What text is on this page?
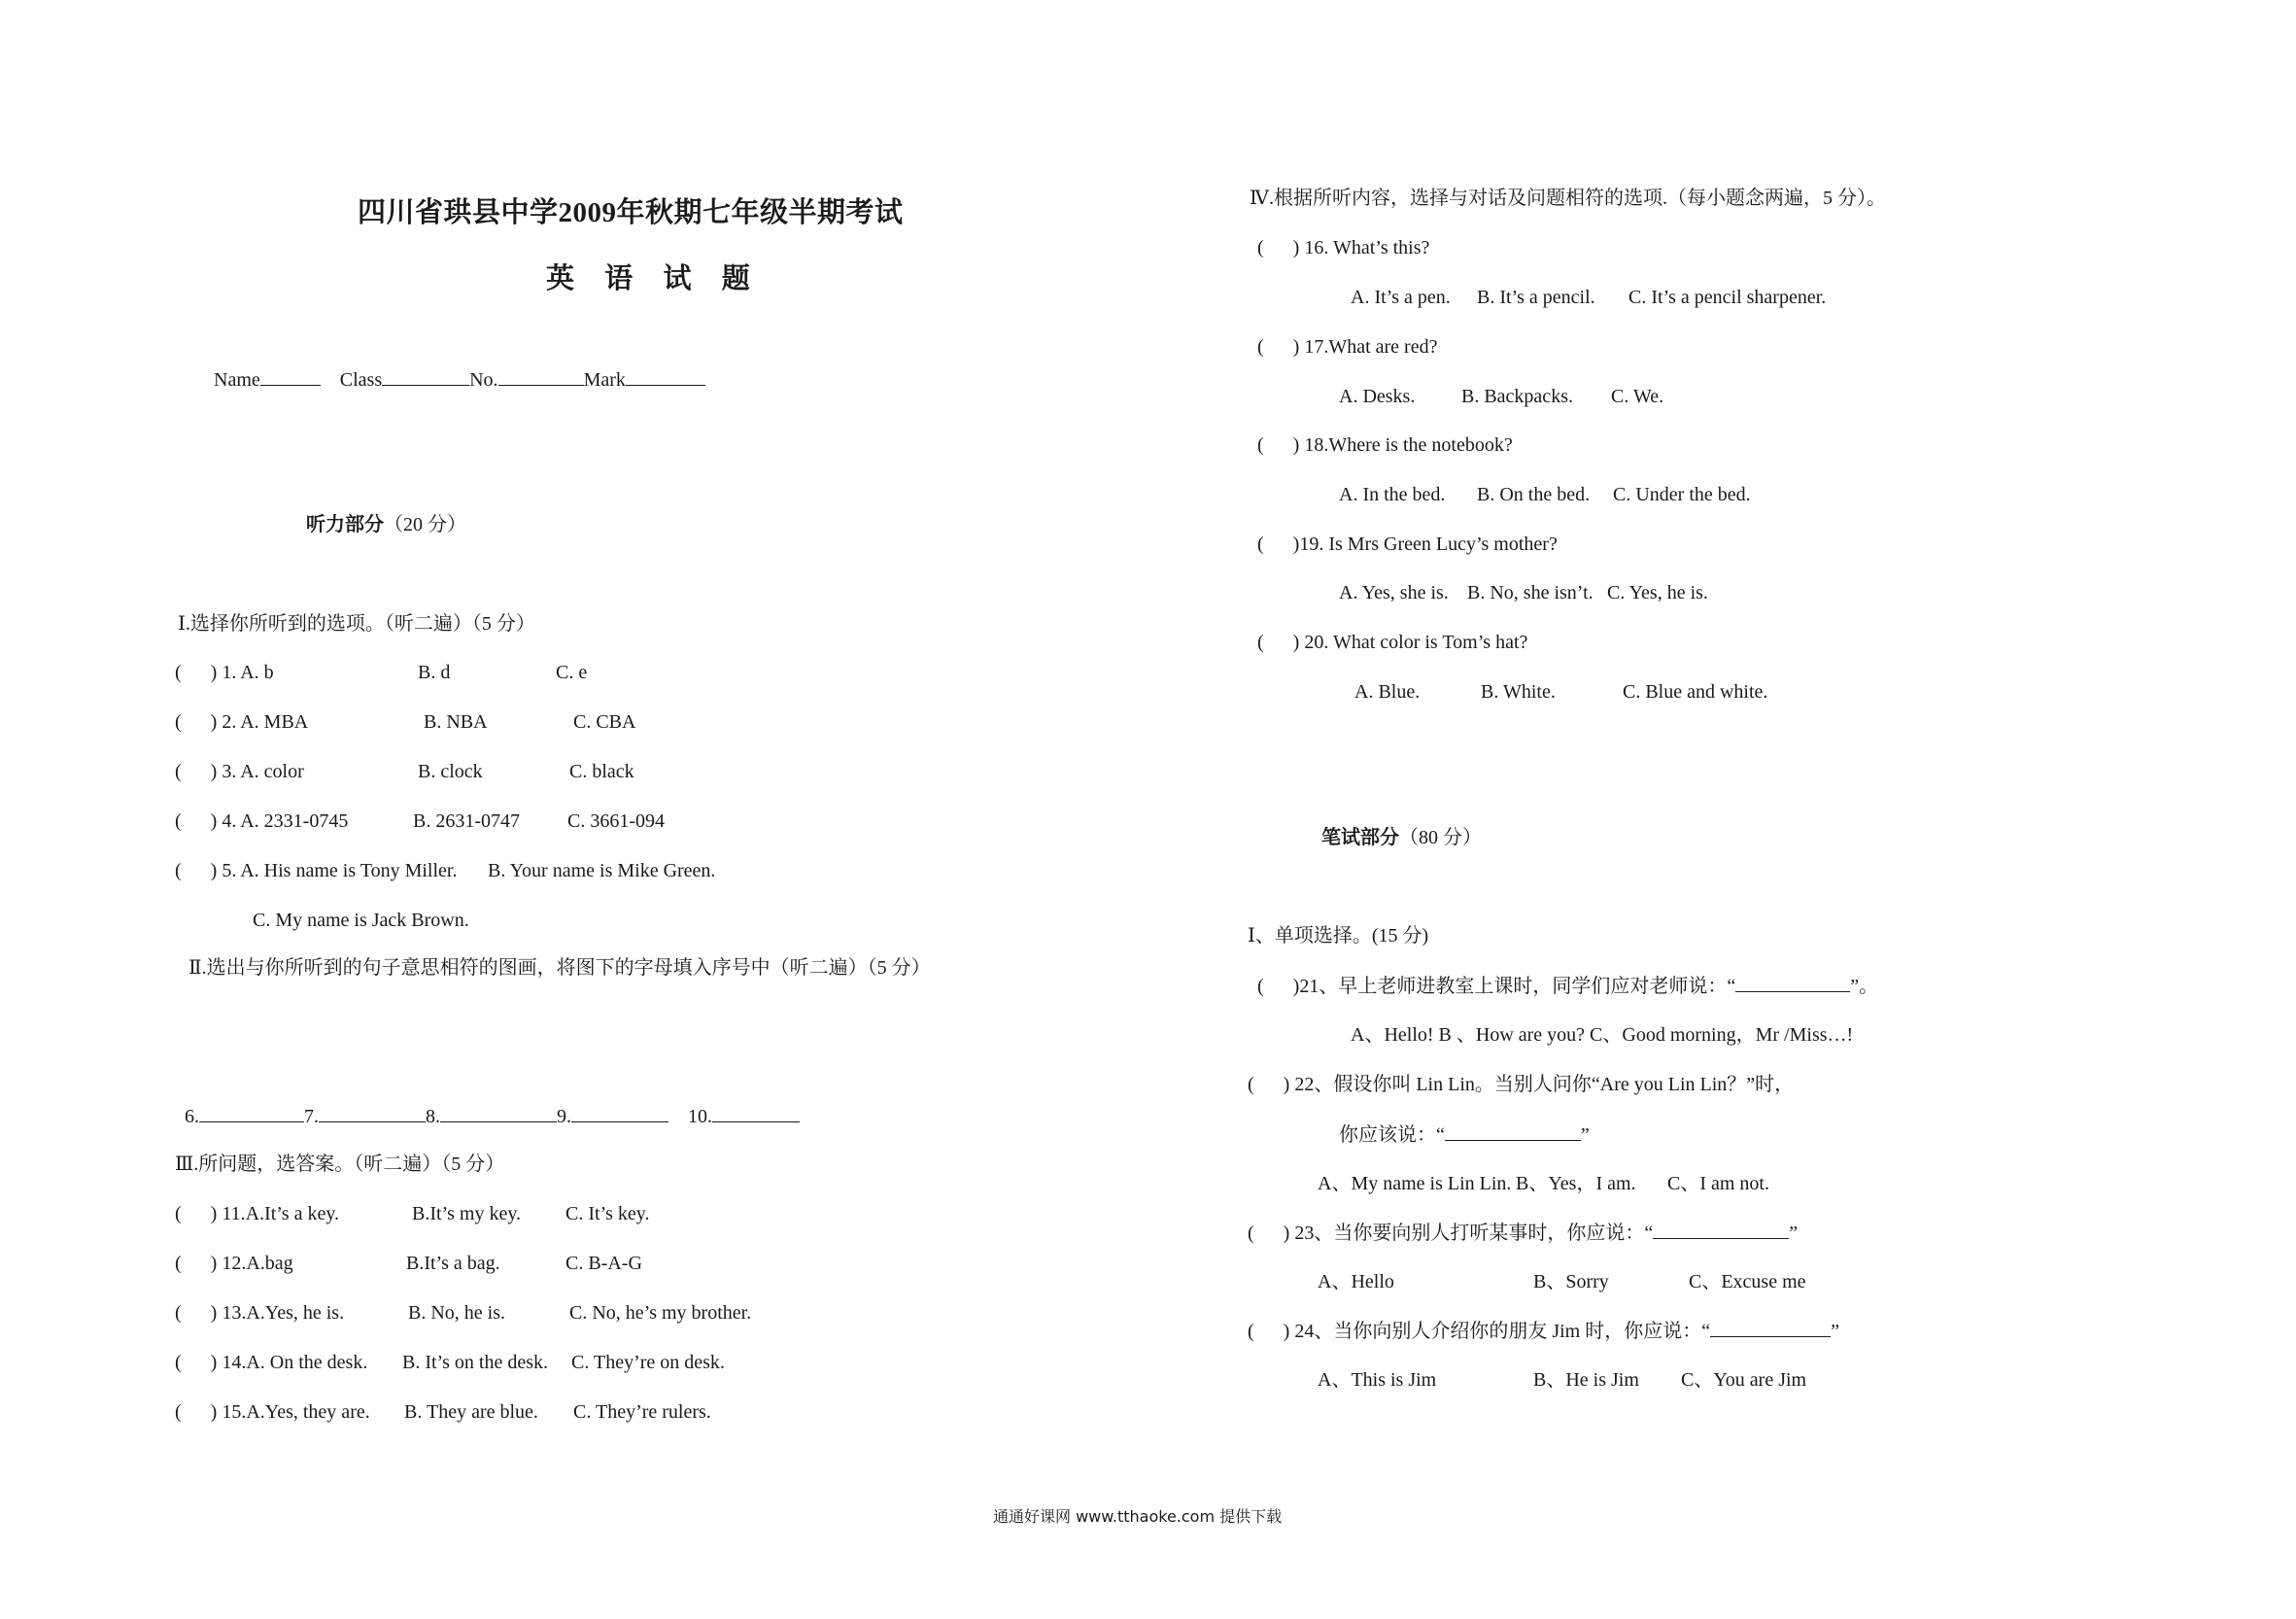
四川省珙县中学2009年秋期七年级半期考试
英 语 试 题
Name	Class	No.	Mark
听力部分（20 分）
Ⅰ.选择你所听到的选项。（听二遍）（5 分）
( ) 1. A. b	B. d	C. e
( ) 2. A. MBA	B. NBA	C. CBA
( ) 3. A. color	B. clock	C. black
( ) 4. A. 2331-0745	B. 2631-0747 C. 3661-094
( ) 5. A. His name is Tony Miller. B. Your name is Mike Green.
C. My name is Jack Brown.
Ⅱ.选出与你所听到的句子意思相符的图画，将图下的字母填入序号中（听二遍）（5 分）
6.	7.	8.	9.	10.
Ⅲ.所问题，选答案。（听二遍）（5 分）
( ) 11.A.It’s a key.	B.It’s my key. C. It’s key.
( ) 12.A.bag	B.It’s a bag.	C. B-A-G
( ) 13.A.Yes, he is.	B. No, he is.	C. No, he’s my brother.
( ) 14.A. On the desk. B. It’s on the desk. C. They’re on desk.
( ) 15.A.Yes, they are. B. They are blue. C. They’re rulers.
Ⅳ.根据所听内容，选择与对话及问题相符的选项.（每小题念两遍，5 分）。
( ) 16. What’s this?
A. It’s a pen. B. It’s a pencil. C. It’s a pencil sharpener.
( ) 17.What are red?
A. Desks. B. Backpacks. C. We.
( ) 18.Where is the notebook?
A. In the bed. B. On the bed. C. Under the bed.
( )19. Is Mrs Green Lucy’s mother?
A. Yes, she is. B. No, she isn’t. C. Yes, he is.
( ) 20. What color is Tom’s hat?
A. Blue.	B. White.	C. Blue and white.
笔试部分（80 分）
Ⅰ、单项选择。(15 分)
( )21、早上老师进教室上课时，同学们应对老师说：“	”。
A、Hello! B 、How are you? C、Good morning，Mr /Miss…!
( ) 22、假设你叫 Lin Lin。当别人问你“Are you Lin Lin？”时，
你应该说：“	”
A、My name is Lin Lin. B、Yes，I am. C、I am not.
( ) 23、当你要向别人打听某事时，你应说：“	”
A、Hello	B、Sorry	C、Excuse me
( ) 24、当你向别人介绍你的朋友 Jim 时，你应说：“	”
A、This is Jim	B、He is Jim C、You are Jim
通通好课网 www.tthaoke.com 提供下载
